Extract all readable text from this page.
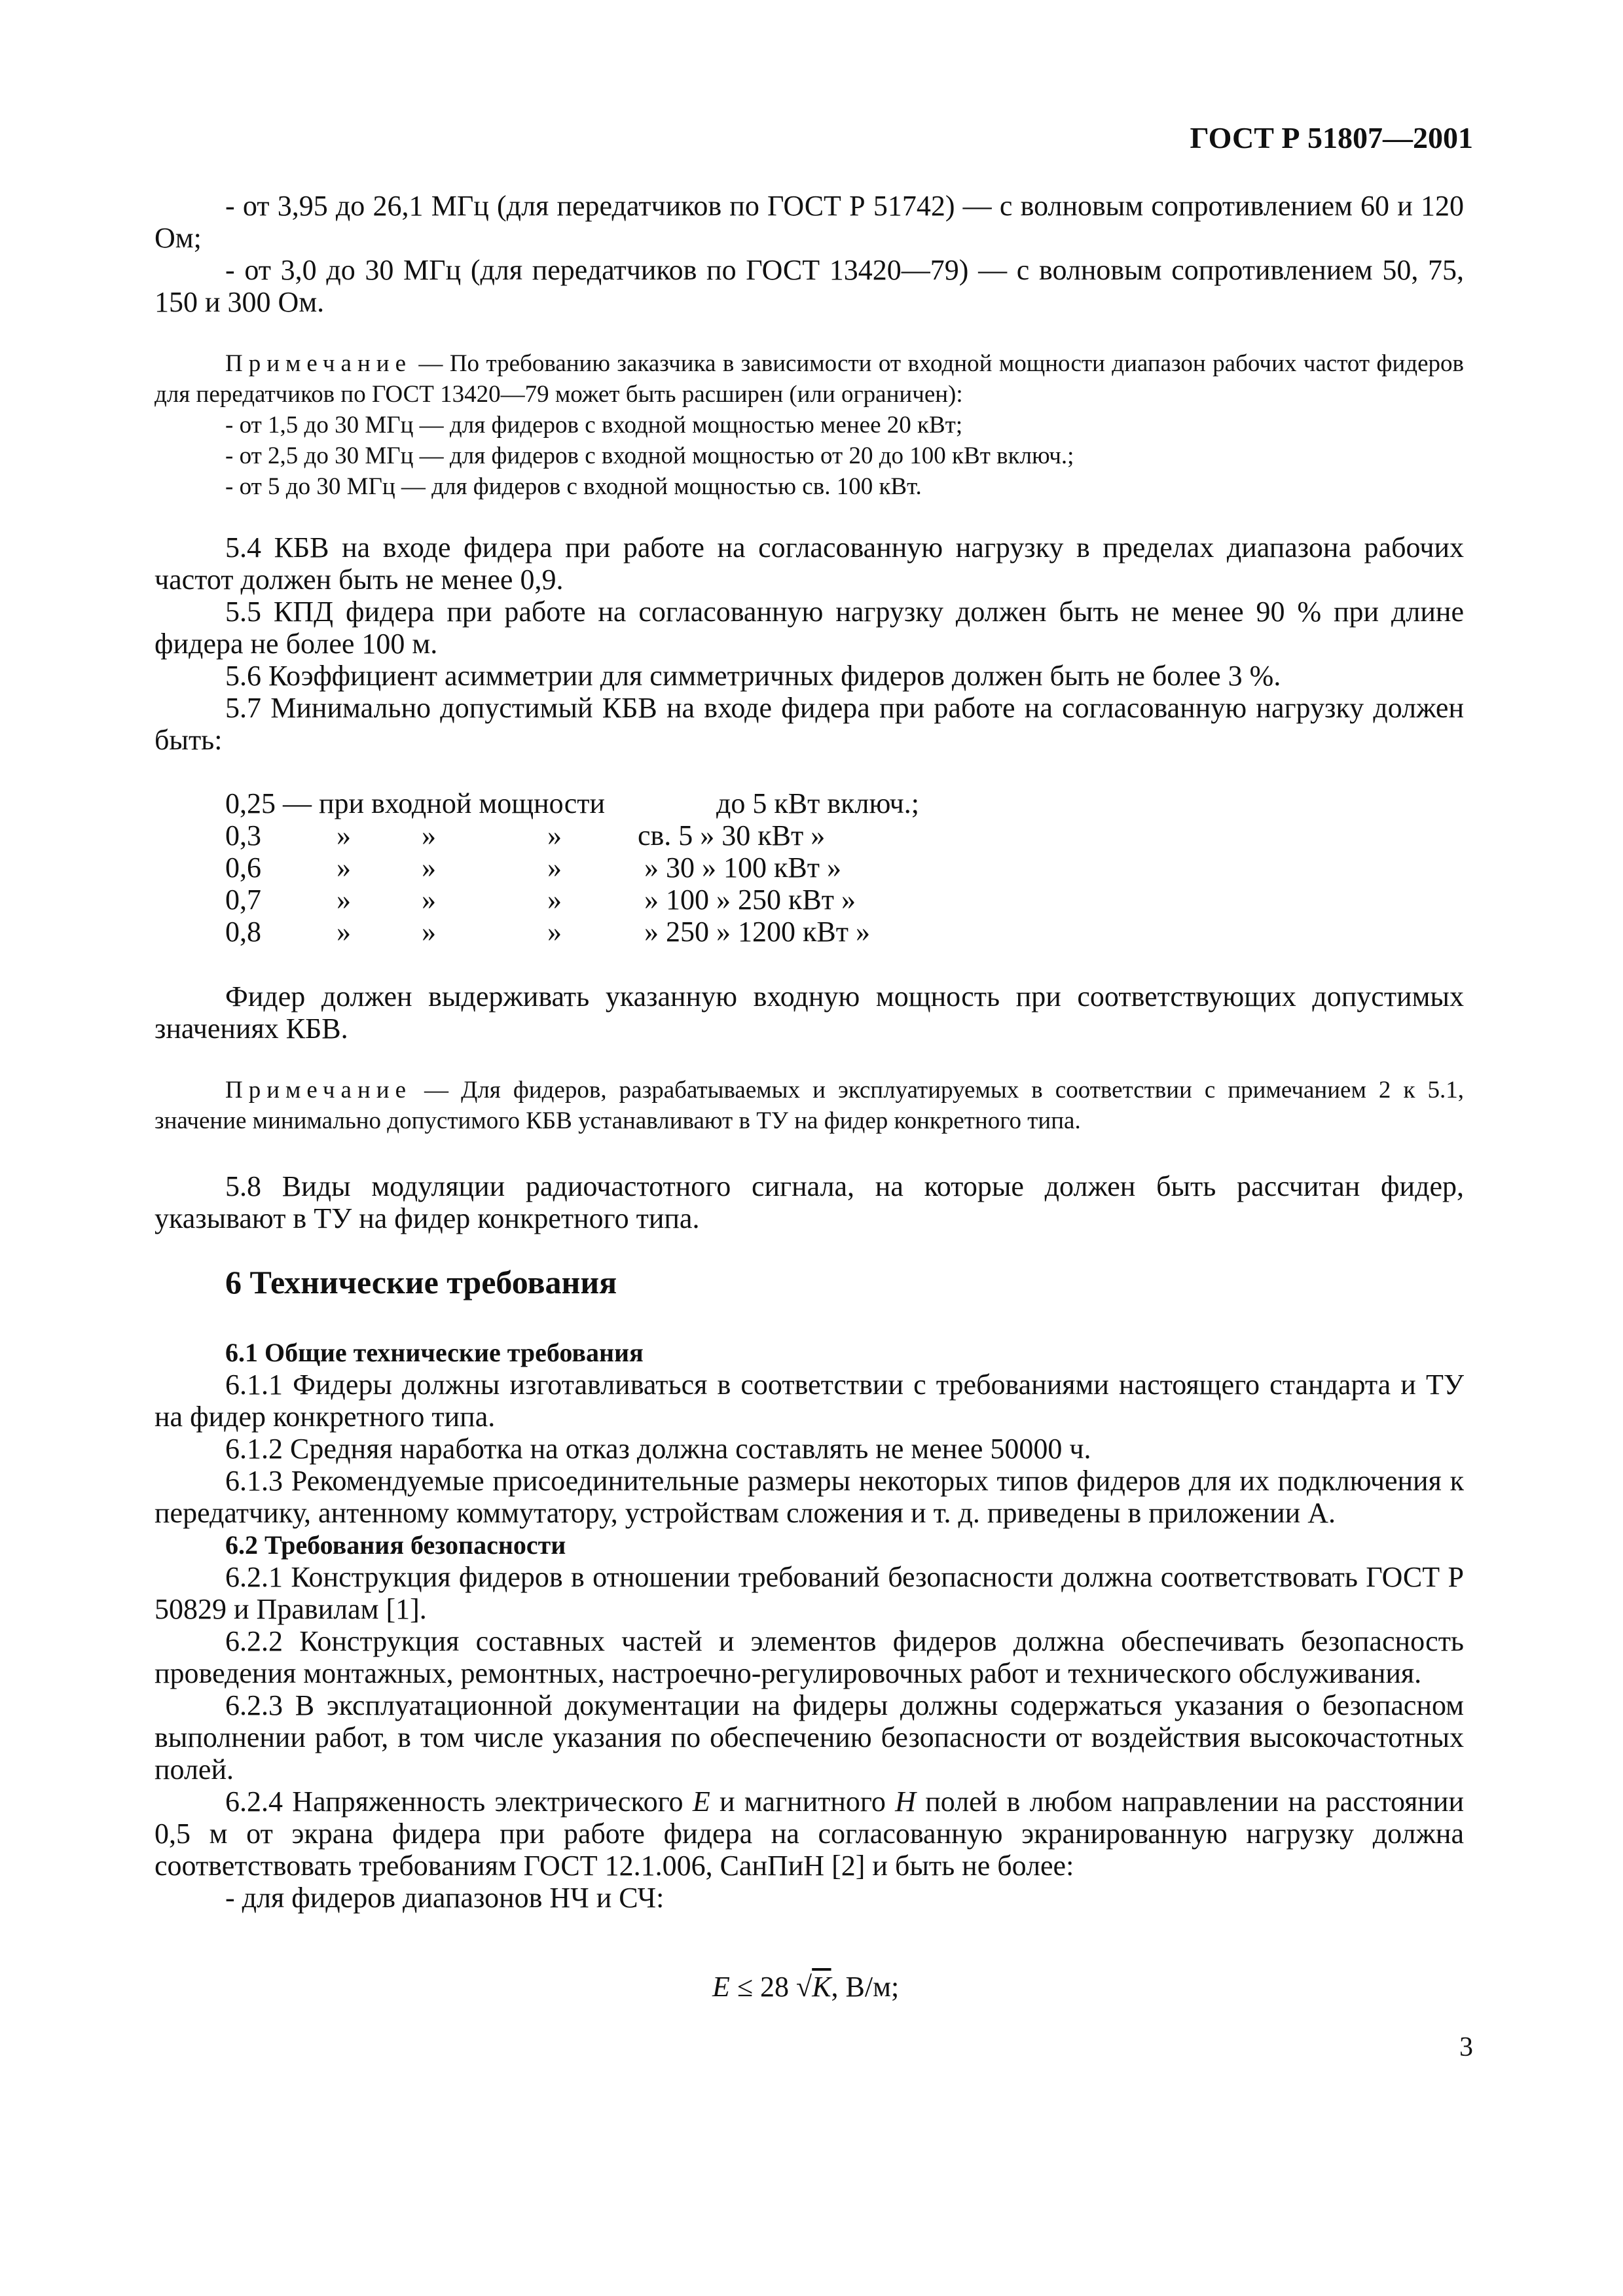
ГОСТ Р 51807—2001

- от 3,95 до 26,1 МГц (для передатчиков по ГОСТ Р 51742) — с волновым сопротивлением 60 и 120 Ом;

- от 3,0 до 30 МГц (для передатчиков по ГОСТ 13420—79) — с волновым сопротивлением 50, 75, 150 и 300 Ом.

Примечание — По требованию заказчика в зависимости от входной мощности диапазон рабочих частот фидеров для передатчиков по ГОСТ 13420—79 может быть расширен (или ограничен):

- от 1,5 до 30 МГц — для фидеров с входной мощностью менее 20 кВт;

- от 2,5 до 30 МГц — для фидеров с входной мощностью от 20 до 100 кВт включ.;

- от 5 до 30 МГц — для фидеров с входной мощностью св. 100 кВт.

5.4 КБВ на входе фидера при работе на согласованную нагрузку в пределах диапазона рабочих частот должен быть не менее 0,9.

5.5 КПД фидера при работе на согласованную нагрузку должен быть не менее 90 % при длине фидера не более 100 м.

5.6 Коэффициент асимметрии для симметричных фидеров должен быть не более 3 %.

5.7 Минимально допустимый КБВ на входе фидера при работе на согласованную нагрузку должен быть:

0,25 — при входной мощности	до 5 кВт включ.;
0,3	» »	»	св. 5 » 30 кВт »
0,6	» »	»	» 30 » 100 кВт »
0,7	» »	»	» 100 » 250 кВт »
0,8	» »	»	» 250 » 1200 кВт »

Фидер должен выдерживать указанную входную мощность при соответствующих допустимых значениях КБВ.

Примечание — Для фидеров, разрабатываемых и эксплуатируемых в соответствии с примечанием 2 к 5.1, значение минимально допустимого КБВ устанавливают в ТУ на фидер конкретного типа.

5.8 Виды модуляции радиочастотного сигнала, на которые должен быть рассчитан фидер, указывают в ТУ на фидер конкретного типа.

6 Технические требования

6.1 Общие технические требования

6.1.1 Фидеры должны изготавливаться в соответствии с требованиями настоящего стандарта и ТУ на фидер конкретного типа.

6.1.2 Средняя наработка на отказ должна составлять не менее 50000 ч.

6.1.3 Рекомендуемые присоединительные размеры некоторых типов фидеров для их подключения к передатчику, антенному коммутатору, устройствам сложения и т. д. приведены в приложении А.

6.2 Требования безопасности

6.2.1 Конструкция фидеров в отношении требований безопасности должна соответствовать ГОСТ Р 50829 и Правилам [1].

6.2.2 Конструкция составных частей и элементов фидеров должна обеспечивать безопасность проведения монтажных, ремонтных, настроечно-регулировочных работ и технического обслуживания.

6.2.3 В эксплуатационной документации на фидеры должны содержаться указания о безопасном выполнении работ, в том числе указания по обеспечению безопасности от воздействия высокочастотных полей.

6.2.4 Напряженность электрического E и магнитного H полей в любом направлении на расстоянии 0,5 м от экрана фидера при работе фидера на согласованную экранированную нагрузку должна соответствовать требованиям ГОСТ 12.1.006, СанПиН [2] и быть не более:

- для фидеров диапазонов НЧ и СЧ:

E ≤ 28 √K, В/м;
3
